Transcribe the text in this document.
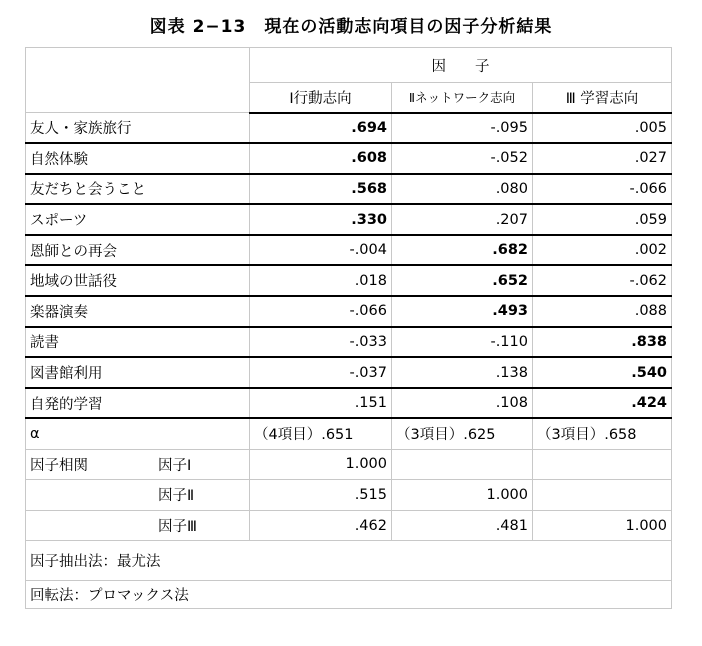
図表 2−13　現在の活動志向項目の因子分析結果
	因　　子		
	Ⅰ行動志向	Ⅱネットワーク志向	Ⅲ 学習志向
友人・家族旅行	.694	-.095	.005
自然体験	.608	-.052	.027
友だちと会うこと	.568	.080	-.066
スポーツ	.330	.207	.059
恩師との再会	-.004	.682	.002
地域の世話役	.018	.652	-.062
楽器演奏	-.066	.493	.088
読書	-.033	-.110	.838
図書館利用	-.037	.138	.540
自発的学習	.151	.108	.424
α	（4項目）.651	（3項目）.625	（3項目）.658
因子相関 因子Ⅰ	1.000		
因子Ⅱ	.515	1.000	
因子Ⅲ	.462	.481	1.000
因子抽出法：最尤法			
回転法：プロマックス法			
